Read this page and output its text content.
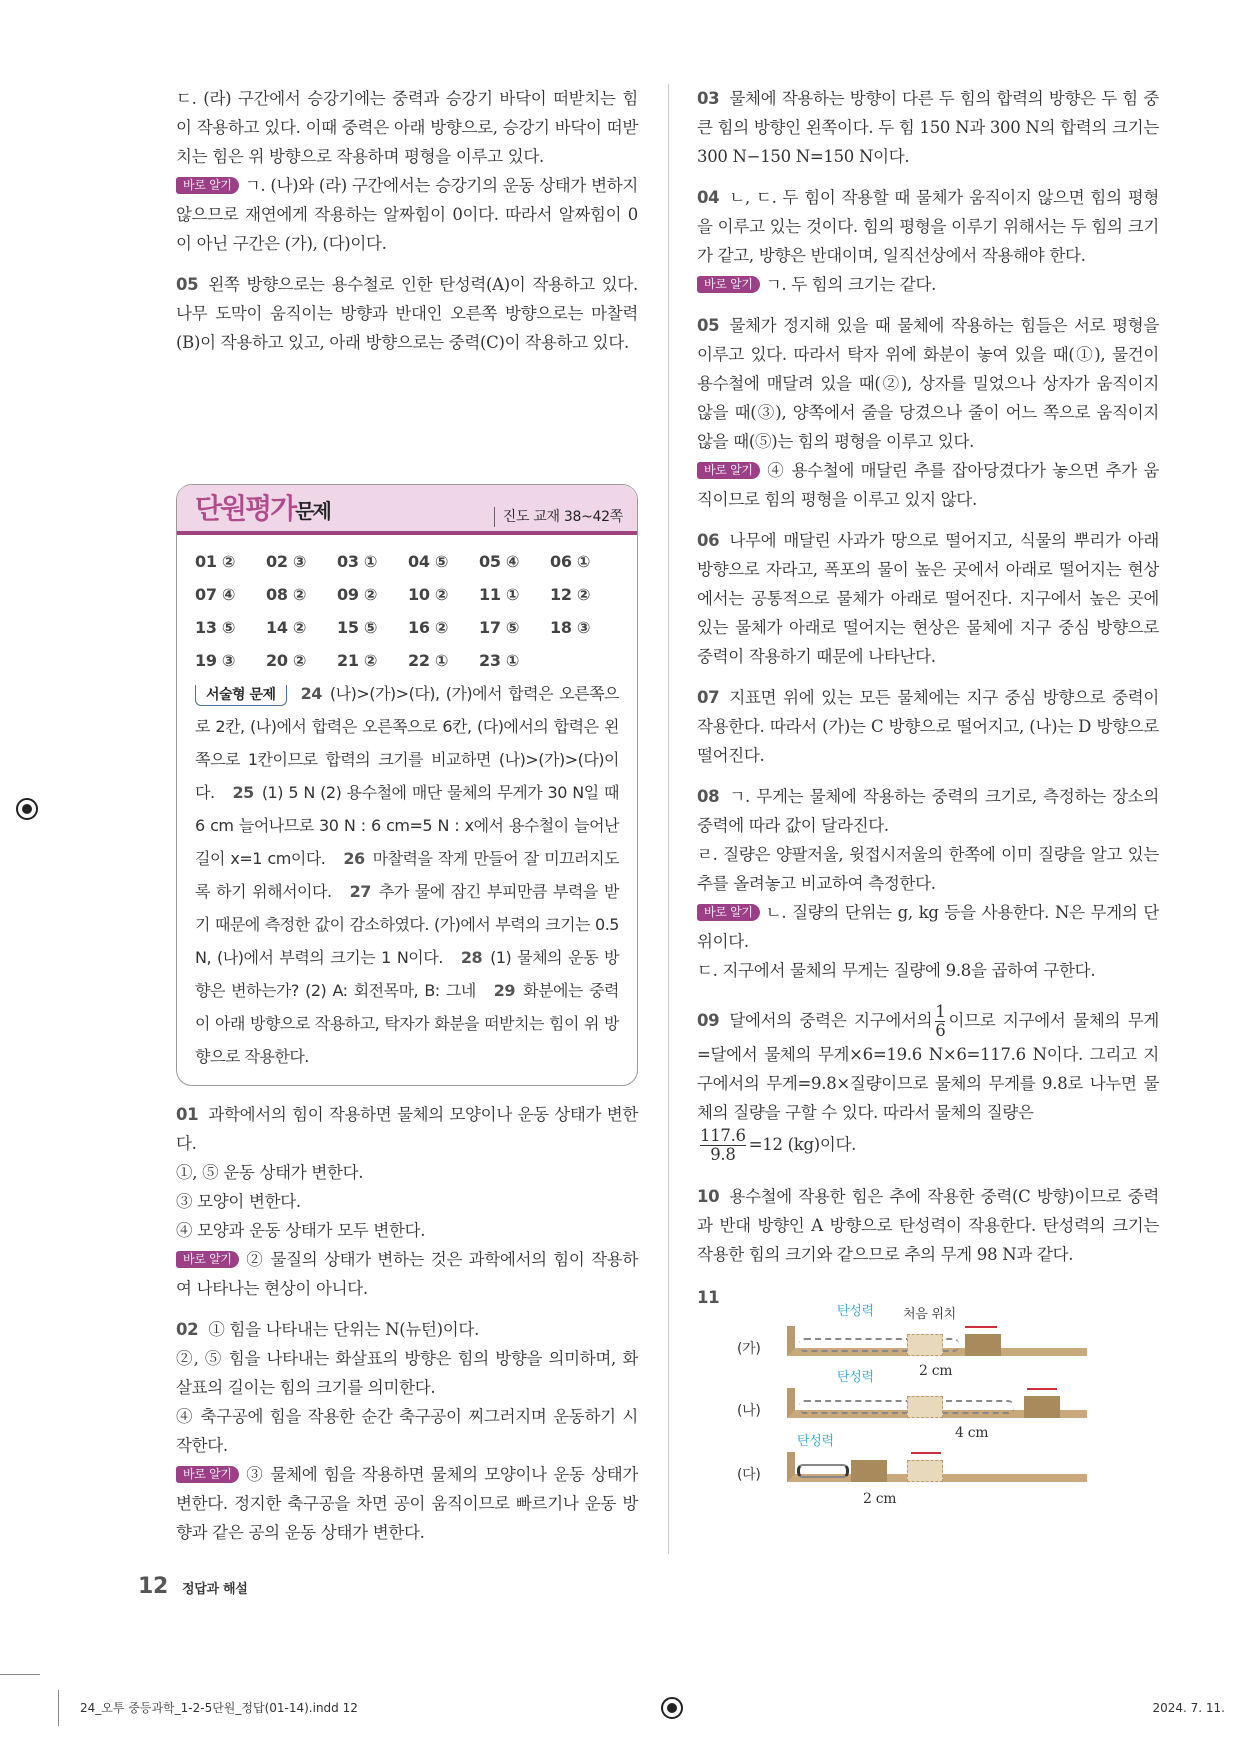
ㄷ. (라) 구간에서 승강기에는 중력과 승강기 바닥이 떠받치는 힘이 작용하고 있다. 이때 중력은 아래 방향으로, 승강기 바닥이 떠받치는 힘은 위 방향으로 작용하며 평형을 이루고 있다.
바로 알기 ㄱ. (나)와 (라) 구간에서는 승강기의 운동 상태가 변하지 않으므로 재연에게 작용하는 알짜힘이 0이다. 따라서 알짜힘이 0이 아닌 구간은 (가), (다)이다.
05 왼쪽 방향으로는 용수철로 인한 탄성력(A)이 작용하고 있다. 나무 도막이 움직이는 방향과 반대인 오른쪽 방향으로는 마찰력(B)이 작용하고 있고, 아래 방향으로는 중력(C)이 작용하고 있다.
단원평가문제	진도 교재 38~42쪽
01 ②	02 ③	03 ①	04 ⑤	05 ④	06 ①
07 ④	08 ②	09 ②	10 ②	11 ①	12 ②
13 ⑤	14 ②	15 ⑤	16 ②	17 ⑤	18 ③
19 ③	20 ②	21 ②	22 ①	23 ①
서술형 문제 24 (나)>(가)>(다), (가)에서 합력은 오른쪽으로 2칸, (나)에서 합력은 오른쪽으로 6칸, (다)에서의 합력은 왼쪽으로 1칸이므로 합력의 크기를 비교하면 (나)>(가)>(다)이다. 25 (1) 5 N (2) 용수철에 매단 물체의 무게가 30 N일 때 6 cm 늘어나므로 30 N : 6 cm=5 N : x에서 용수철이 늘어난 길이 x=1 cm이다. 26 마찰력을 작게 만들어 잘 미끄러지도록 하기 위해서이다. 27 추가 물에 잠긴 부피만큼 부력을 받기 때문에 측정한 값이 감소하였다. (가)에서 부력의 크기는 0.5 N, (나)에서 부력의 크기는 1 N이다. 28 (1) 물체의 운동 방향은 변하는가? (2) A: 회전목마, B: 그네 29 화분에는 중력이 아래 방향으로 작용하고, 탁자가 화분을 떠받치는 힘이 위 방향으로 작용한다.
01 과학에서의 힘이 작용하면 물체의 모양이나 운동 상태가 변한다.
①, ⑤ 운동 상태가 변한다.
③ 모양이 변한다.
④ 모양과 운동 상태가 모두 변한다.
바로 알기 ② 물질의 상태가 변하는 것은 과학에서의 힘이 작용하여 나타나는 현상이 아니다.
02 ① 힘을 나타내는 단위는 N(뉴턴)이다.
②, ⑤ 힘을 나타내는 화살표의 방향은 힘의 방향을 의미하며, 화살표의 길이는 힘의 크기를 의미한다.
④ 축구공에 힘을 작용한 순간 축구공이 찌그러지며 운동하기 시작한다.
바로 알기 ③ 물체에 힘을 작용하면 물체의 모양이나 운동 상태가 변한다. 정지한 축구공을 차면 공이 움직이므로 빠르기나 운동 방향과 같은 공의 운동 상태가 변한다.
12 정답과 해설
03 물체에 작용하는 방향이 다른 두 힘의 합력의 방향은 두 힘 중 큰 힘의 방향인 왼쪽이다. 두 힘 150 N과 300 N의 합력의 크기는 300 N−150 N=150 N이다.
04 ㄴ, ㄷ. 두 힘이 작용할 때 물체가 움직이지 않으면 힘의 평형을 이루고 있는 것이다. 힘의 평형을 이루기 위해서는 두 힘의 크기가 같고, 방향은 반대이며, 일직선상에서 작용해야 한다.
바로 알기 ㄱ. 두 힘의 크기는 같다.
05 물체가 정지해 있을 때 물체에 작용하는 힘들은 서로 평형을 이루고 있다. 따라서 탁자 위에 화분이 놓여 있을 때(①), 물건이 용수철에 매달려 있을 때(②), 상자를 밀었으나 상자가 움직이지 않을 때(③), 양쪽에서 줄을 당겼으나 줄이 어느 쪽으로 움직이지 않을 때(⑤)는 힘의 평형을 이루고 있다.
바로 알기 ④ 용수철에 매달린 추를 잡아당겼다가 놓으면 추가 움직이므로 힘의 평형을 이루고 있지 않다.
06 나무에 매달린 사과가 땅으로 떨어지고, 식물의 뿌리가 아래 방향으로 자라고, 폭포의 물이 높은 곳에서 아래로 떨어지는 현상에서는 공통적으로 물체가 아래로 떨어진다. 지구에서 높은 곳에 있는 물체가 아래로 떨어지는 현상은 물체에 지구 중심 방향으로 중력이 작용하기 때문에 나타난다.
07 지표면 위에 있는 모든 물체에는 지구 중심 방향으로 중력이 작용한다. 따라서 (가)는 C 방향으로 떨어지고, (나)는 D 방향으로 떨어진다.
08 ㄱ. 무게는 물체에 작용하는 중력의 크기로, 측정하는 장소의 중력에 따라 값이 달라진다.
ㄹ. 질량은 양팔저울, 윗접시저울의 한쪽에 이미 질량을 알고 있는 추를 올려놓고 비교하여 측정한다.
바로 알기 ㄴ. 질량의 단위는 g, kg 등을 사용한다. N은 무게의 단위이다.
ㄷ. 지구에서 물체의 무게는 질량에 9.8을 곱하여 구한다.
09 달에서의 중력은 지구에서의 $\frac{1}{6}$ 이므로 지구에서 물체의 무게=달에서 물체의 무게×6=19.6 N×6=117.6 N이다. 그리고 지구에서의 무게=9.8×질량이므로 물체의 무게를 9.8로 나누면 물체의 질량을 구할 수 있다. 따라서 물체의 질량은

$\frac{117.6}{9.8} =12$ (kg)이다.
10 용수철에 작용한 힘은 추에 작용한 중력(C 방향)이므로 중력과 반대 방향인 A 방향으로 탄성력이 작용한다. 탄성력의 크기는 작용한 힘의 크기와 같으므로 추의 무게 98 N과 같다.
11
(가)
탄성력 처음 위치
2 cm
(나)
탄성력
4 cm
(다)
탄성력
2 cm
24_오투 중등과학_1-2-5단원_정답(01-14).indd 12	2024. 7. 11.
